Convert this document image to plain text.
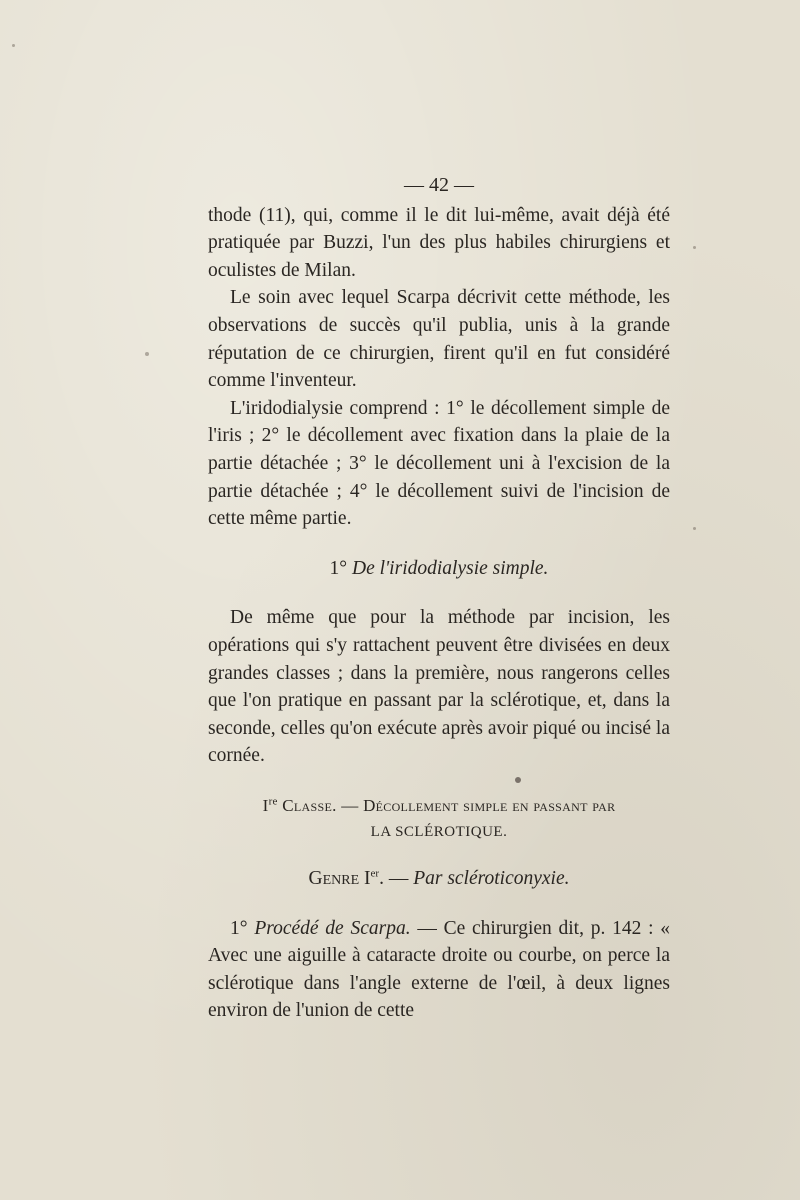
— 42 —

thode (11), qui, comme il le dit lui-même, avait déjà été pratiquée par Buzzi, l'un des plus habiles chirurgiens et oculistes de Milan.

Le soin avec lequel Scarpa décrivit cette méthode, les observations de succès qu'il publia, unis à la grande réputation de ce chirurgien, firent qu'il en fut considéré comme l'inventeur.

L'iridodialysie comprend : 1° le décollement simple de l'iris ; 2° le décollement avec fixation dans la plaie de la partie détachée ; 3° le décollement uni à l'excision de la partie détachée ; 4° le décollement suivi de l'incision de cette même partie.

1° De l'iridodialysie simple.

De même que pour la méthode par incision, les opérations qui s'y rattachent peuvent être divisées en deux grandes classes ; dans la première, nous rangerons celles que l'on pratique en passant par la sclérotique, et, dans la seconde, celles qu'on exécute après avoir piqué ou incisé la cornée.

Ire Classe. — Décollement simple en passant par
LA SCLÉROTIQUE.
Genre Ier. — Par scléroticonyxie.

1° Procédé de Scarpa. — Ce chirurgien dit, p. 142 : « Avec une aiguille à cataracte droite ou courbe, on perce la sclérotique dans l'angle externe de l'œil, à deux lignes environ de l'union de cette
